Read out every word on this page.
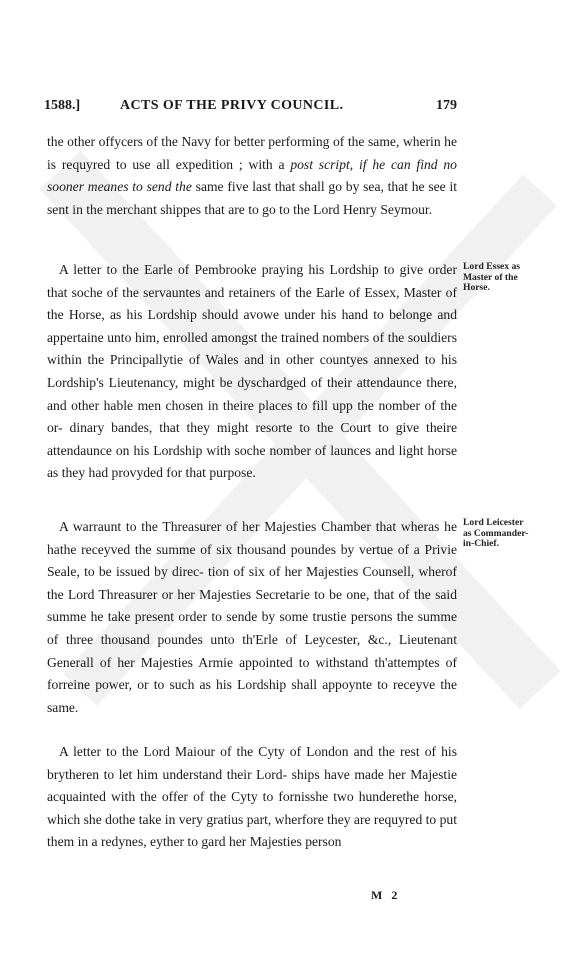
1588.]	ACTS OF THE PRIVY COUNCIL.	179

the other offycers of the Navy for better performing of the same, wherin he is requyred to use all expedition ; with a post script, if he can find no sooner meanes to send the same five last that shall go by sea, that he see it sent in the merchant shippes that are to go to the Lord Henry Seymour.

A letter to the Earle of Pembrooke praying his Lordship to give order that soche of the servauntes and retainers of the Earle of Essex, Master of the Horse, as his Lordship should avowe under his hand to belonge and appertaine unto him, enrolled amongst the trained nombers of the souldiers within the Principallytie of Wales and in other countyes annexed to his Lordship's Lieutenancy, might be dyschardged of their attendaunce there, and other hable men chosen in theire places to fill upp the nomber of the or- dinary bandes, that they might resorte to the Court to give theire attendaunce on his Lordship with soche nomber of launces and light horse as they had provyded for that purpose.

A warraunt to the Threasurer of her Majesties Chamber that wheras he hathe receyved the summe of six thousand poundes by vertue of a Privie Seale, to be issued by direc- tion of six of her Majesties Counsell, wherof the Lord Threasurer or her Majesties Secretarie to be one, that of the said summe he take present order to sende by some trustie persons the summe of three thousand poundes unto th'Erle of Leycester, &c., Lieutenant Generall of her Majesties Armie appointed to withstand th'attemptes of forreine power, or to such as his Lordship shall appoynte to receyve the same.

A letter to the Lord Maiour of the Cyty of London and the rest of his brytheren to let him understand their Lord- ships have made her Majestie acquainted with the offer of the Cyty to fornisshe two hunderethe horse, which she dothe take in very gratius part, wherfore they are requyred to put them in a redynes, eyther to gard her Majesties person

Lord Essex as
Master of the
Horse.
Lord Leicester
as Commander-
in-Chief.
M 2
